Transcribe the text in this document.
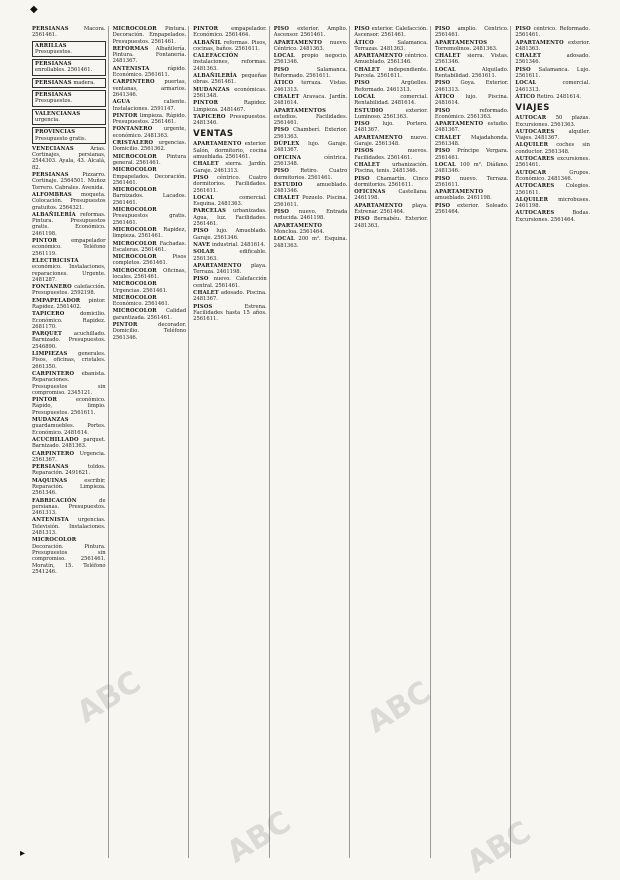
◆
▸

PERSIANAS Macora. 2561461.

ARRILLAS Presupuestos.

PERSIANAS enrollables. 2561461.

PERSIANAS madera.

PERSIANAS Presupuestos.

VALENCIANAS urgencia.

PROVINCIAS Presupuesto gratis.

VENECIANAS Arias. Cortinajes, persianas, 2544303. Ayala, 43. Alcalá, 82.

PERSIANAS Pizzarro. Cortinaje. 2564501. Muñoz Torrero. Cabrales. Avenida.

ALFOMBRAS moqueta. Colocación. Presupuestos gratuitos. 2564321.

ALBAÑILERÍA reformas. Pintura. Presupuestos gratis. Económico. 2461198.

PINTOR empapelador económico. Teléfono 2561119.

ELECTRICISTA económico. Instalaciones, reparaciones. Urgente. 2481287.

FONTANERO calefacción. Presupuestos. 2592198.

EMPAPELADOR pintor. Rapidez. 2561402.

TAPICERO domicilio. Económico. Rapidez. 2681170.

PARQUET acuchillado. Barnizado. Presupuestos. 2546890.

LIMPIEZAS generales. Pisos, oficinas, cristales. 2661350.

CARPINTERO ebanista. Reparaciones. Presupuestos sin compromiso. 2345121.

PINTOR económico. Rápido, limpio. Presupuestos. 2561611.

MUDANZAS guardamuebles. Portes. Económico. 2481614.

ACUCHILLADO parquet. Barnizado. 2481363.

CARPINTERO Urgencia. 2561367.

PERSIANAS toldos. Reparación. 2491621.

MAQUINAS escribir. Reparación. Limpieza. 2561346.

FABRICACIÓN de persianas. Presupuestos. 2461313.

ANTENISTA urgencias. Televisión. Instalaciones. 2481313.

MICROCOLOR Decoración. Pintura. Presupuestos sin compromiso. 2561461. Moratín, 15. Teléfono 2541246.

MICROCOLOR Pintura. Decoración. Empapelados. Presupuestos. 2561461.

REFORMAS Albañilería. Pintura. Fontanería. 2481367.

ANTENISTA rápido. Económico. 2561611.

CARPINTERO puertas, ventanas, armarios. 2641346.

AGUA caliente. Instalaciones. 2591147.

PINTOR limpieza. Rápido. Presupuestos. 2561461.

FONTANERO urgente, económico. 2481363.

CRISTALERO urgencias. Domicilio. 2561362.

MICROCOLOR Pintura general. 2561461.

MICROCOLOR Empapelados. Decoración. 2561461.

MICROCOLOR Barnizados. Lacados. 2561461.

MICROCOLOR Presupuestos gratis. 2561461.

MICROCOLOR Rapidez, limpieza. 2561461.

MICROCOLOR Fachadas. Escaleras. 2561461.

MICROCOLOR Pisos completos. 2561461.

MICROCOLOR Oficinas, locales. 2561461.

MICROCOLOR Urgencias. 2561461.

MICROCOLOR Económico. 2561461.

MICROCOLOR Calidad garantizada. 2561461.

PINTOR decorador. Domicilio. Teléfono 2561346.

PINTOR empapelador. Económico. 2561464.

ALBAÑIL reformas. Pisos, cocinas, baños. 2561611.

CALEFACCIÓN instalaciones, reformas. 2481363.

ALBAÑILERÍA pequeñas obras. 2561461.

MUDANZAS económicas. 2561348.

PINTOR Rapidez. Limpieza. 2481467.

TAPICERO Presupuestos. 2481346.

VENTAS

APARTAMENTO exterior. Salón, dormitorio, cocina amueblada. 2561461.

CHALET sierra. Jardín. Garaje. 2461313.

PISO céntrico. Cuatro dormitorios. Facilidades. 2561611.

LOCAL comercial. Esquina. 2481363.

PARCELAS urbanizadas. Agua, luz. Facilidades. 2561461.

PISO lujo. Amueblado. Garaje. 2561346.

NAVE industrial. 2481614.

SOLAR edificable. 2561363.

APARTAMENTO playa. Terraza. 2461198.

PISO nuevo. Calefacción central. 2561461.

CHALET adosado. Piscina. 2481367.

PISOS Estrena. Facilidades hasta 15 años. 2561611.

PISO exterior. Amplio. Ascensor. 2561461.

APARTAMENTO nuevo. Céntrico. 2481363.

LOCAL propio negocio. 2561346.

PISO Salamanca. Reformado. 2561611.

ÁTICO terraza. Vistas. 2461313.

CHALET Aravaca. Jardín. 2481614.

APARTAMENTOS estudios. Facilidades. 2561461.

PISO Chamberí. Exterior. 2561363.

DÚPLEX lujo. Garaje. 2481367.

OFICINA céntrica. 2561348.

PISO Retiro. Cuatro dormitorios. 2561461.

ESTUDIO amueblado. 2481346.

CHALET Pozuelo. Piscina. 2561611.

PISO nuevo. Entrada reducida. 2461198.

APARTAMENTO Moncloa. 2561464.

LOCAL 200 m². Esquina. 2481363.

PISO exterior. Calefacción. Ascensor. 2561461.

ÁTICO Salamanca. Terrazas. 2481363.

APARTAMENTO céntrico. Amueblado. 2561346.

CHALET independiente. Parcela. 2561611.

PISO Argüelles. Reformado. 2461313.

LOCAL comercial. Rentabilidad. 2481614.

ESTUDIO exterior. Luminoso. 2561363.

PISO lujo. Portero. 2481367.

APARTAMENTO nuevo. Garaje. 2561348.

PISOS nuevos. Facilidades. 2561461.

CHALET urbanización. Piscina, tenis. 2481346.

PISO Chamartín. Cinco dormitorios. 2561611.

OFICINAS Castellana. 2461198.

APARTAMENTO playa. Estrenar. 2561464.

PISO Bernabéu. Exterior. 2481363.

PISO amplio. Céntrico. 2561461.

APARTAMENTOS Torremolinos. 2481363.

CHALET sierra. Vistas. 2561346.

LOCAL Alquilado. Rentabilidad. 2561611.

PISO Goya. Exterior. 2461313.

ÁTICO lujo. Piscina. 2481614.

PISO reformado. Económico. 2561363.

APARTAMENTO estudio. 2481367.

CHALET Majadahonda. 2561348.

PISO Príncipe Vergara. 2561461.

LOCAL 100 m². Diáfano. 2481346.

PISO nuevo. Terraza. 2561611.

APARTAMENTO amueblado. 2461198.

PISO exterior. Soleado. 2561464.

PISO céntrico. Reformado. 2561461.

APARTAMENTO exterior. 2481363.

CHALET adosado. 2561346.

PISO Salamanca. Lujo. 2561611.

LOCAL comercial. 2461313.

ÁTICO Retiro. 2481614.

VIAJES

AUTOCAR 50 plazas. Excursiones. 2561363.

AUTOCARES alquiler. Viajes. 2481367.

ALQUILER coches sin conductor. 2561348.

AUTOCARES excursiones. 2561461.

AUTOCAR Grupos. Económico. 2481346.

AUTOCARES Colegios. 2561611.

ALQUILER microbuses. 2461198.

AUTOCARES Bodas. Excursiones. 2561464.

ABC
ABC
ABC
ABC
